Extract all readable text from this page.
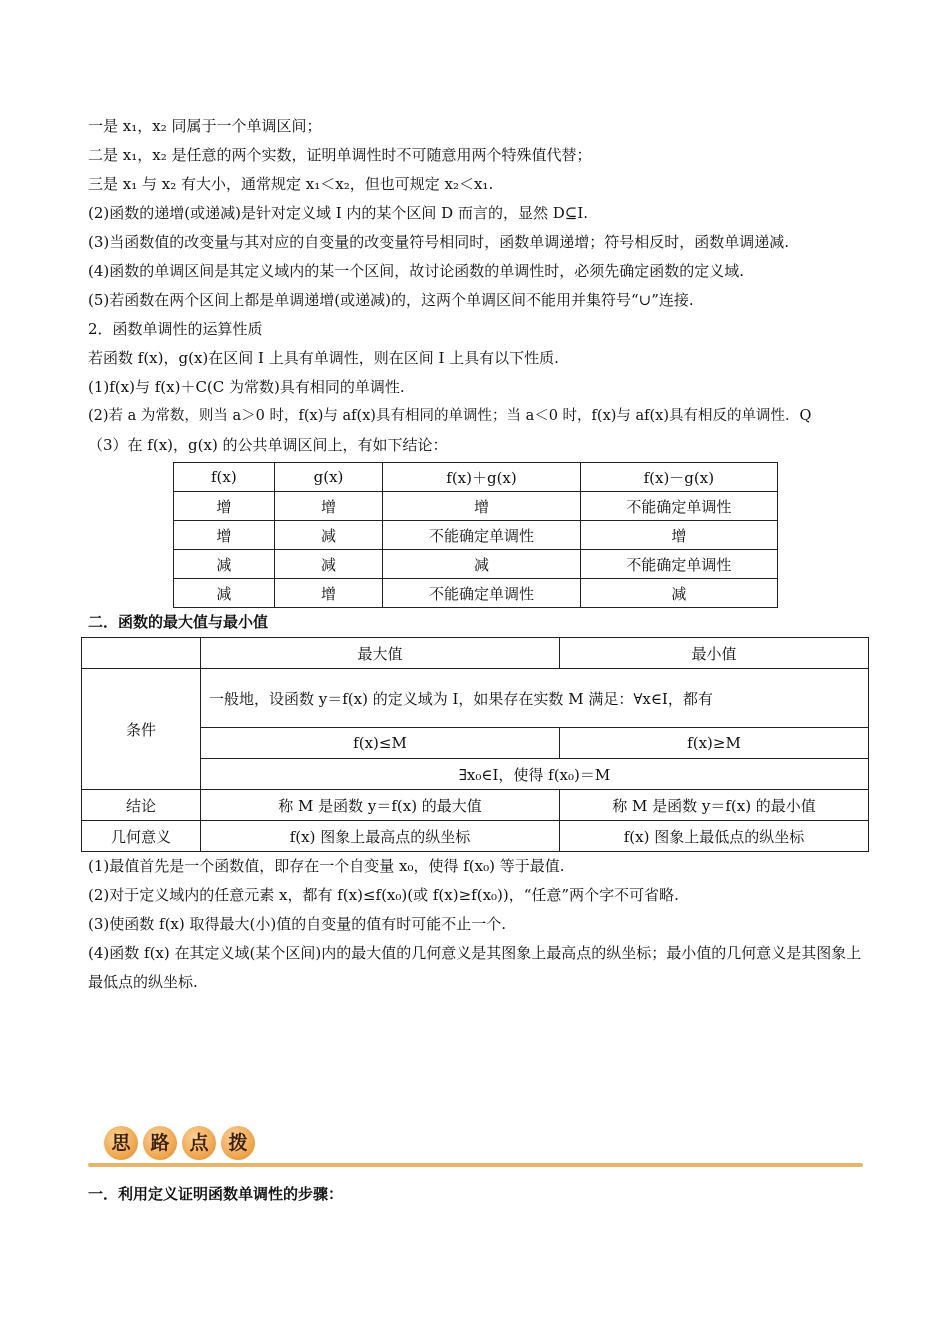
一是 x₁，x₂ 同属于一个单调区间；
二是 x₁，x₂ 是任意的两个实数，证明单调性时不可随意用两个特殊值代替；
三是 x₁ 与 x₂ 有大小，通常规定 x₁＜x₂，但也可规定 x₂＜x₁.
(2)函数的递增(或递减)是针对定义域 I 内的某个区间 D 而言的，显然 D⊆I.
(3)当函数值的改变量与其对应的自变量的改变量符号相同时，函数单调递增；符号相反时，函数单调递减.
(4)函数的单调区间是其定义域内的某一个区间，故讨论函数的单调性时，必须先确定函数的定义域.
(5)若函数在两个区间上都是单调递增(或递减)的，这两个单调区间不能用并集符号“∪”连接.
2．函数单调性的运算性质
若函数 f(x)，g(x)在区间 I 上具有单调性，则在区间 I 上具有以下性质.
(1)f(x)与 f(x)＋C(C 为常数)具有相同的单调性.
(2)若 a 为常数，则当 a＞0 时，f(x)与 af(x)具有相同的单调性；当 a＜0 时，f(x)与 af(x)具有相反的单调性．Q
（3）在 f(x)，g(x) 的公共单调区间上，有如下结论：
f(x)	g(x)	f(x)＋g(x)	f(x)－g(x)
增	增	增	不能确定单调性
增	减	不能确定单调性	增
减	减	减	不能确定单调性
减	增	不能确定单调性	减
二．函数的最大值与最小值
	最大值	最小值
条件	一般地，设函数 y＝f(x) 的定义域为 I，如果存在实数 M 满足：∀x∈I，都有	
	f(x)≤M	f(x)≥M
	∃x₀∈I，使得 f(x₀)＝M	
结论	称 M 是函数 y＝f(x) 的最大值	称 M 是函数 y＝f(x) 的最小值
几何意义	f(x) 图象上最高点的纵坐标	f(x) 图象上最低点的纵坐标
(1)最值首先是一个函数值，即存在一个自变量 x₀，使得 f(x₀) 等于最值.
(2)对于定义域内的任意元素 x，都有 f(x)≤f(x₀)(或 f(x)≥f(x₀))，“任意”两个字不可省略.
(3)使函数 f(x) 取得最大(小)值的自变量的值有时可能不止一个.
(4)函数 f(x) 在其定义域(某个区间)内的最大值的几何意义是其图象上最高点的纵坐标；最小值的几何意义是其图象上最低点的纵坐标.
思	路	点	拨
一．利用定义证明函数单调性的步骤：
